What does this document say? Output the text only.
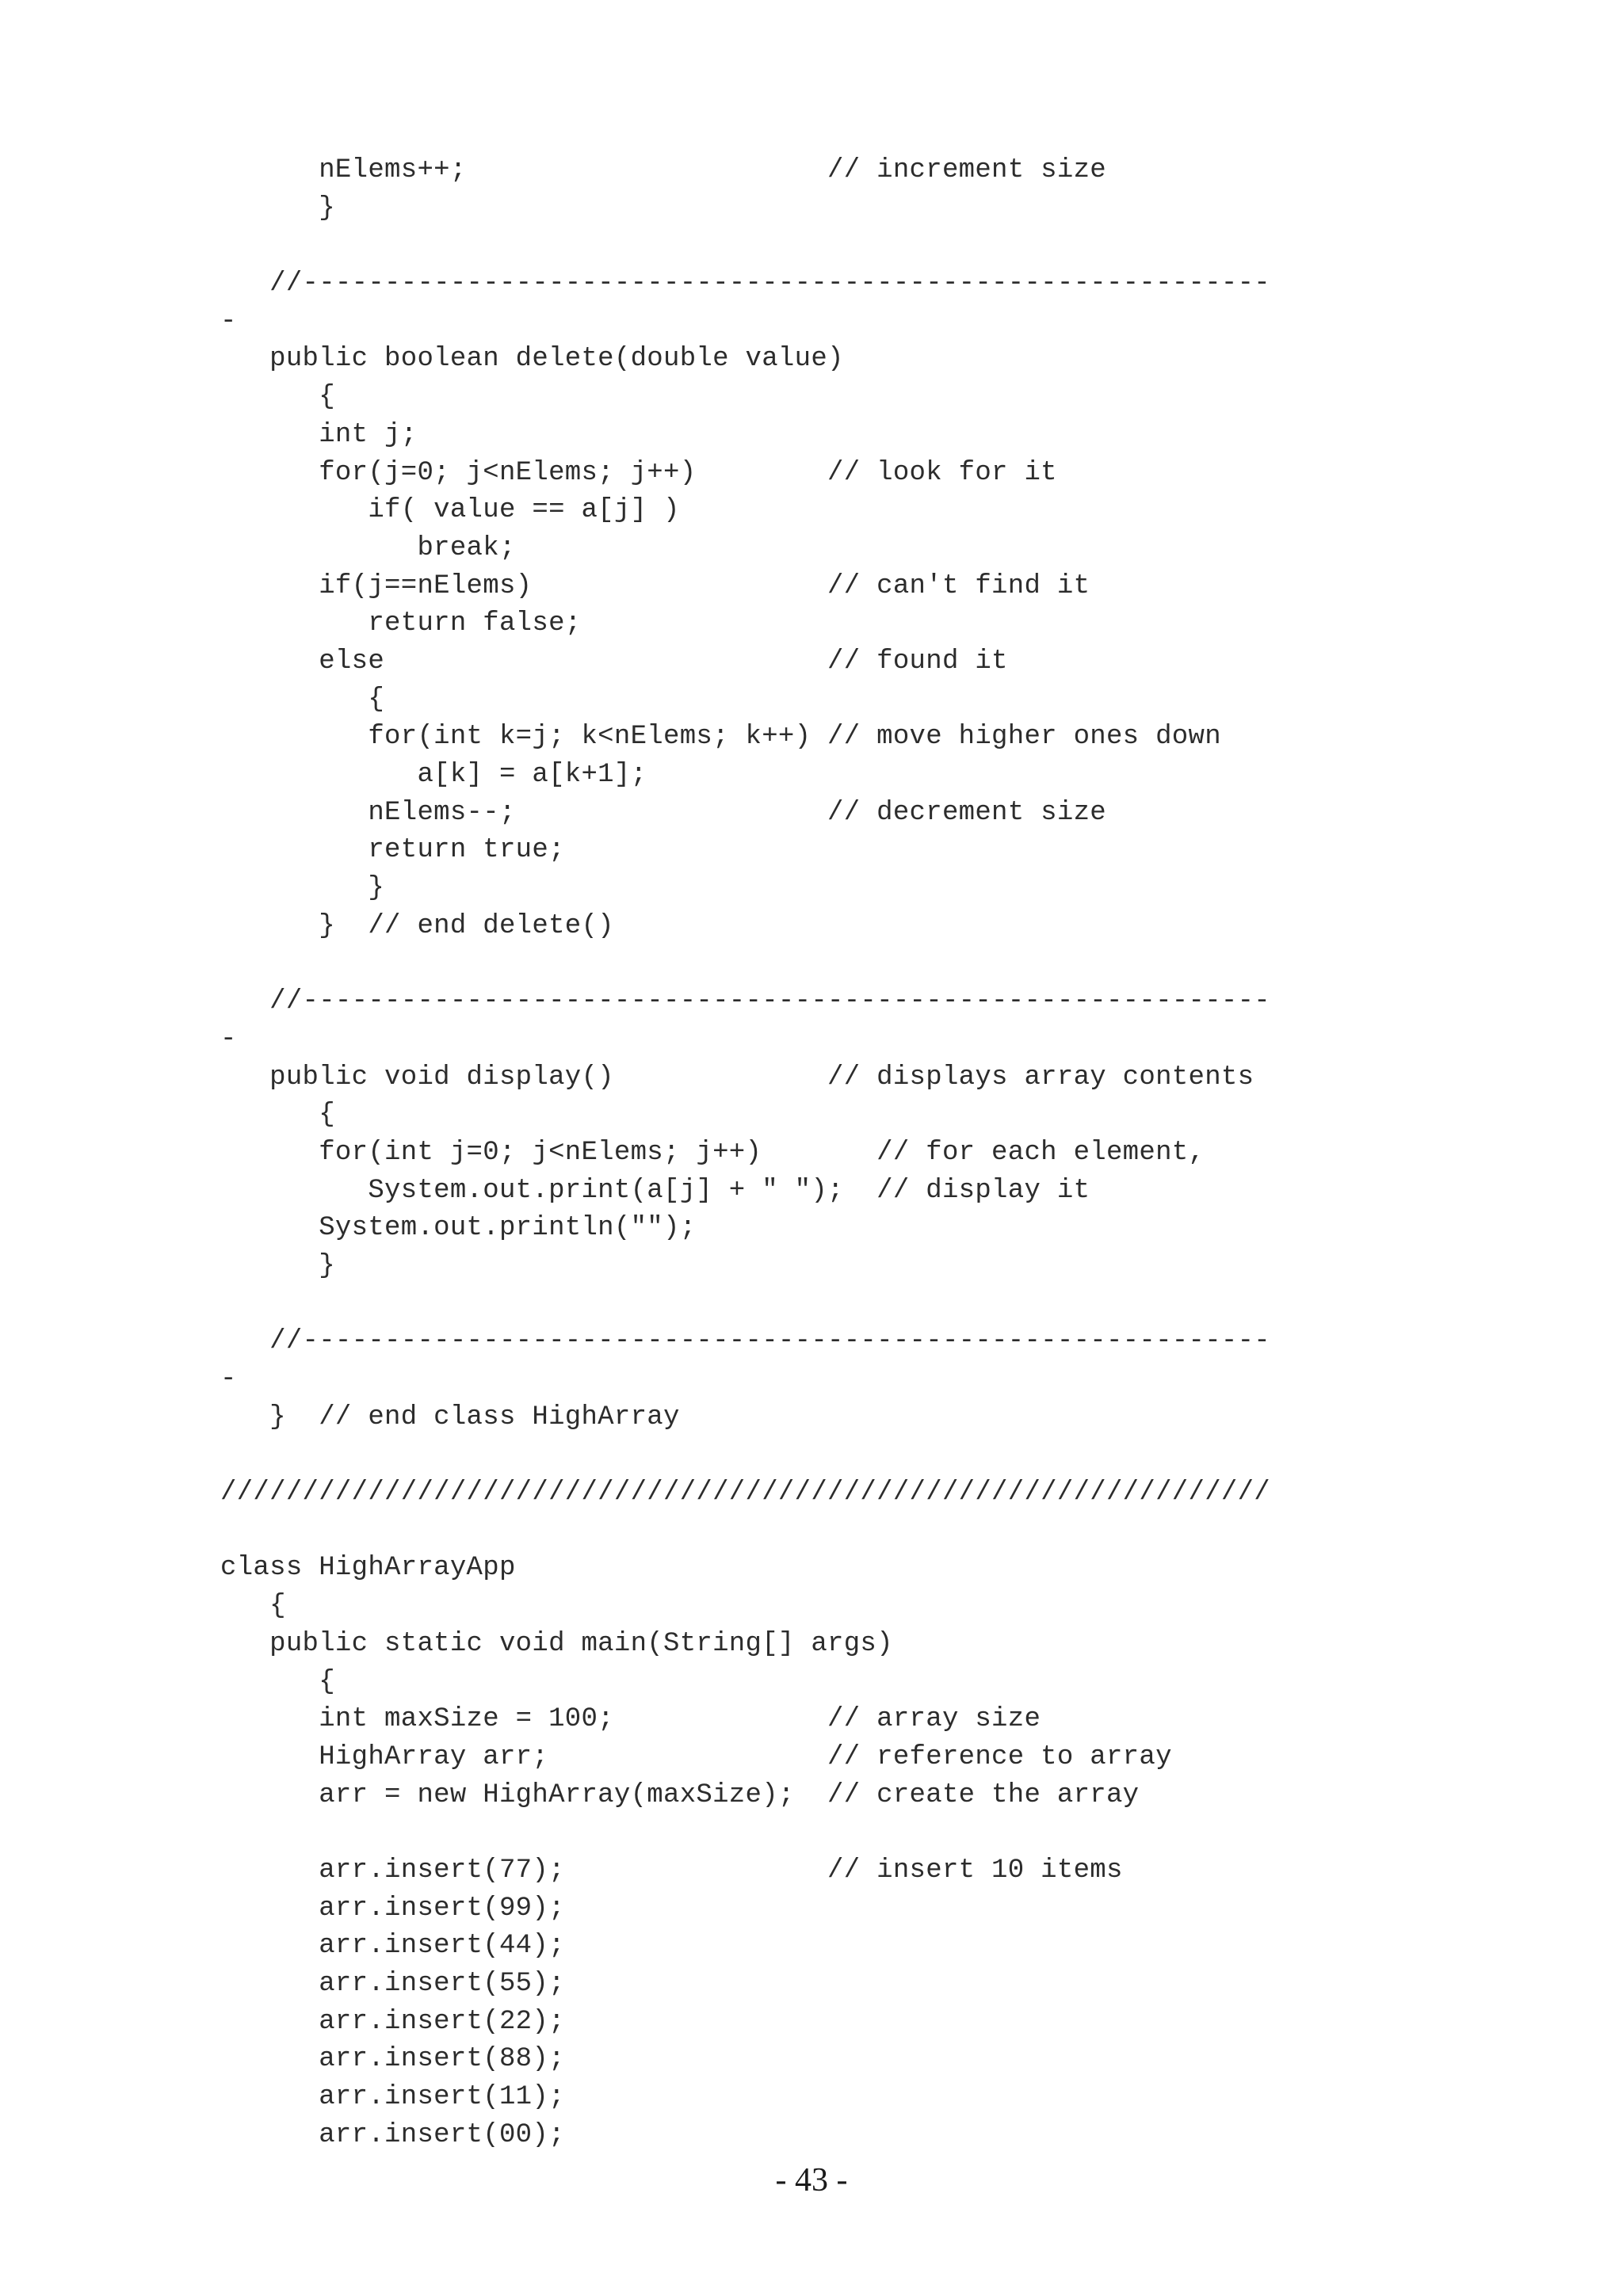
nElems++;                      // increment size
}
//-----------------------------------------------------------
-
public boolean delete(double value)
{
int j;
for(j=0; j<nElems; j++)        // look for it
if( value == a[j] )
break;
if(j==nElems)                  // can't find it
return false;
else                           // found it
{
for(int k=j; k<nElems; k++) // move higher ones down
a[k] = a[k+1];
nElems--;                   // decrement size
return true;
}
}  // end delete()
//-----------------------------------------------------------
-
public void display()             // displays array contents
{
for(int j=0; j<nElems; j++)       // for each element,
System.out.print(a[j] + " ");  // display it
System.out.println("");
}
//-----------------------------------------------------------
-
}  // end class HighArray
////////////////////////////////////////////////////////////////
class HighArrayApp
{
public static void main(String[] args)
{
int maxSize = 100;             // array size
HighArray arr;                 // reference to array
arr = new HighArray(maxSize);  // create the array
arr.insert(77);                // insert 10 items
arr.insert(99);
arr.insert(44);
arr.insert(55);
arr.insert(22);
arr.insert(88);
arr.insert(11);
arr.insert(00);
- 43 -
